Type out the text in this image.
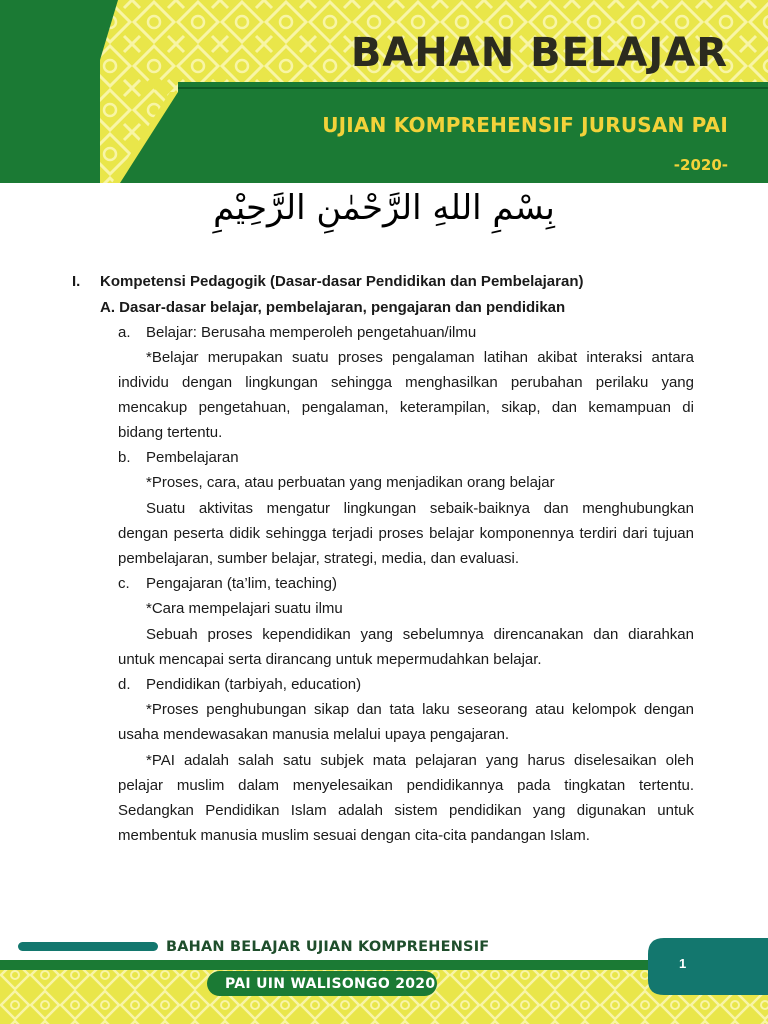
BAHAN BELAJAR
UJIAN KOMPREHENSIF JURUSAN PAI
-2020-
بِسْمِ اللهِ الرَّحْمٰنِ الرَّحِيْمِ
I. Kompetensi Pedagogik (Dasar-dasar Pendidikan dan Pembelajaran)
A. Dasar-dasar belajar, pembelajaran, pengajaran dan pendidikan
a. Belajar: Berusaha memperoleh pengetahuan/ilmu
*Belajar merupakan suatu proses pengalaman latihan akibat interaksi antara
individu dengan lingkungan sehingga menghasilkan perubahan perilaku yang
mencakup pengetahuan, pengalaman, keterampilan, sikap, dan kemampuan di
bidang tertentu.
b. Pembelajaran
*Proses, cara, atau perbuatan yang menjadikan orang belajar
Suatu aktivitas mengatur lingkungan sebaik-baiknya dan menghubungkan
dengan peserta didik sehingga terjadi proses belajar komponennya terdiri dari tujuan
pembelajaran, sumber belajar, strategi, media, dan evaluasi.
c. Pengajaran (ta’lim, teaching)
*Cara mempelajari suatu ilmu
Sebuah proses kependidikan yang sebelumnya direncanakan dan diarahkan
untuk mencapai serta dirancang untuk mepermudahkan belajar.
d. Pendidikan (tarbiyah, education)
*Proses penghubungan sikap dan tata laku seseorang atau kelompok dengan
usaha mendewasakan manusia melalui upaya pengajaran.
*PAI adalah salah satu subjek mata pelajaran yang harus diselesaikan oleh
pelajar muslim dalam menyelesaikan pendidikannya pada tingkatan tertentu.
Sedangkan Pendidikan Islam adalah sistem pendidikan yang digunakan untuk
membentuk manusia muslim sesuai dengan cita-cita pandangan Islam.
BAHAN BELAJAR UJIAN KOMPREHENSIF
PAI UIN WALISONGO 2020
1
